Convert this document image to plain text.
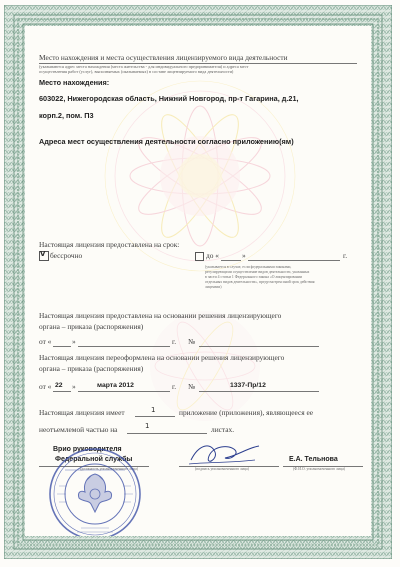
Место нахождения и места осуществления лицензируемого вида деятельности
(указываются адрес места нахождения (места жительства - для индивидуального предпринимателя) и адреса мест
осуществления работ (услуг), выполняемых (оказываемых) в составе лицензируемого вида деятельности)
Место нахождения:
603022, Нижегородская область, Нижний Новгород, пр-т Гагарина, д.21,
корп.2, пом. П3
Адреса мест осуществления деятельности согласно приложению(ям)
Настоящая лицензия предоставлена на срок:
V бессрочно	до «	»	г.
(указывается в случае, если федеральными законами,
регулирующими осуществление видов деятельности, указанных
в части 4 статьи 1 Федерального закона «О лицензировании
отдельных видов деятельности», предусмотрен иной срок действия
лицензии)
Настоящая лицензия предоставлена на основании решения лицензирующего
органа – приказа (распоряжения)
от «	»	г. №
Настоящая лицензия переоформлена на основании решения лицензирующего
органа – приказа (распоряжения)
от « 22 »	марта 2012	г. №	1337-Пр/12
Настоящая лицензия имеет	1	приложение (приложения), являющееся ее
неотъемлемой частью на	1	листах.
Врио руководителя
Федеральной службы
(должность уполномоченного лица)	(подпись уполномоченного лица)
Е.А. Тельнова
(Ф.И.О. уполномоченного лица)
